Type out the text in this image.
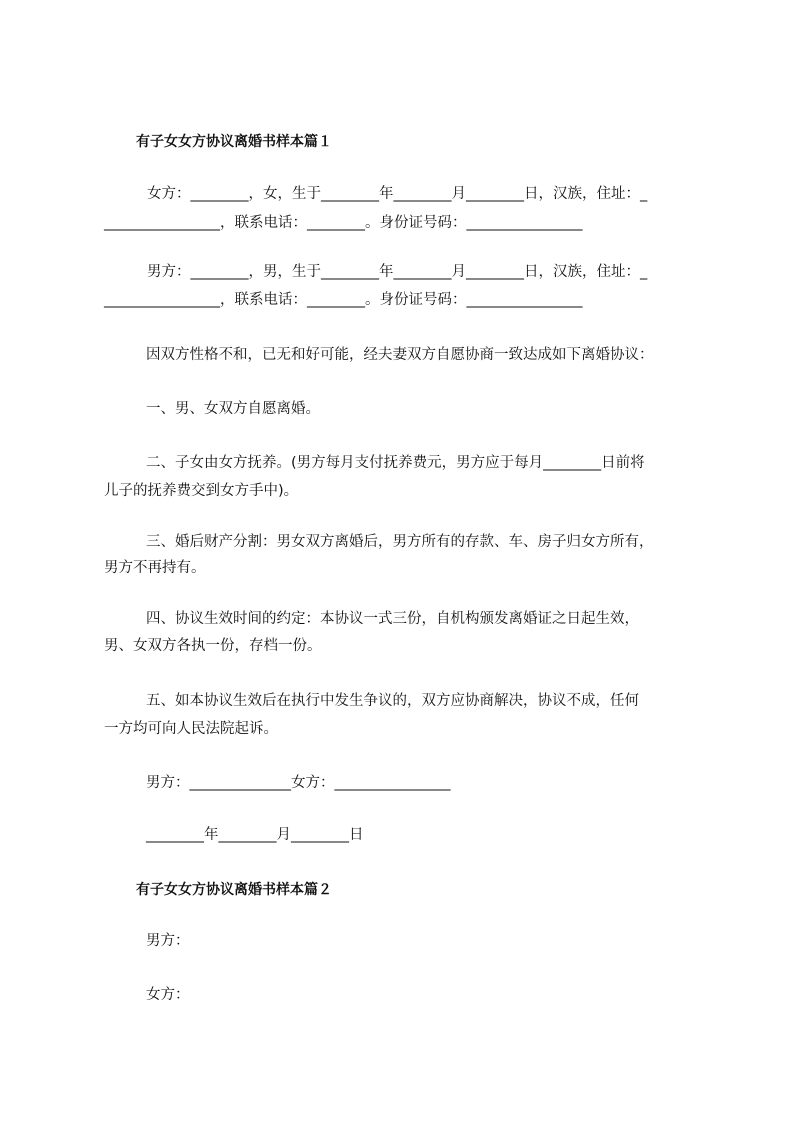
有子女女方协议离婚书样本篇１
女方：________，女，生于________年________月________日，汉族，住址：_
________________，联系电话：________。身份证号码：________________
男方：________，男，生于________年________月________日，汉族，住址：_
________________，联系电话：________。身份证号码：________________
因双方性格不和，已无和好可能，经夫妻双方自愿协商一致达成如下离婚协议：
一、男、女双方自愿离婚。
二、子女由女方抚养。(男方每月支付抚养费元，男方应于每月________日前将
儿子的抚养费交到女方手中)。
三、婚后财产分割：男女双方离婚后，男方所有的存款、车、房子归女方所有，
男方不再持有。
四、协议生效时间的约定：本协议一式三份，自机构颁发离婚证之日起生效，
男、女双方各执一份，存档一份。
五、如本协议生效后在执行中发生争议的，双方应协商解决，协议不成，任何
一方均可向人民法院起诉。
男方：______________女方：________________
________年________月________日
有子女女方协议离婚书样本篇２
男方：
女方：
